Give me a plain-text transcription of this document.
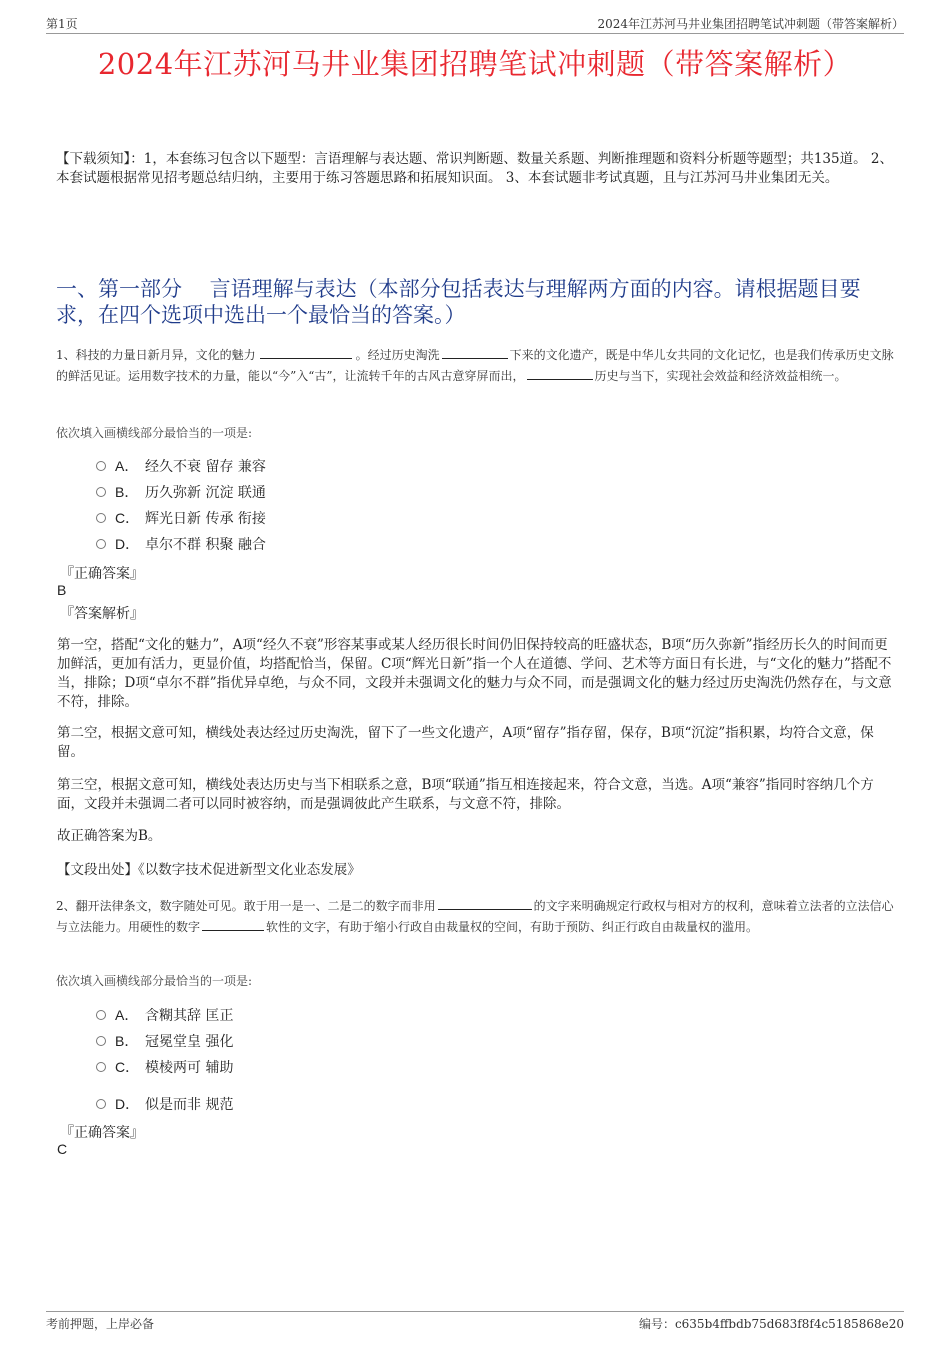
第1页	2024年江苏河马井业集团招聘笔试冲刺题（带答案解析）
2024年江苏河马井业集团招聘笔试冲刺题（带答案解析）
【下载须知】：1，本套练习包含以下题型：言语理解与表达题、常识判断题、数量关系题、判断推理题和资料分析题等题型；共135道。 2、本套试题根据常见招考题总结归纳，主要用于练习答题思路和拓展知识面。 3、本套试题非考试真题，且与江苏河马井业集团无关。
一、第一部分　 言语理解与表达（本部分包括表达与理解两方面的内容。请根据题目要求，在四个选项中选出一个最恰当的答案。）
1、科技的力量日新月异，文化的魅力	。经过历史淘洗	下来的文化遗产，既是中华儿女共同的文化记忆，也是我们传承历史文脉的鲜活见证。运用数字技术的力量，能以“今”入“古”，让流转千年的古风古意穿屏而出，	历史与当下，实现社会效益和经济效益相统一。
依次填入画横线部分最恰当的一项是:
A． 经久不衰 留存 兼容
B． 历久弥新 沉淀 联通
C． 辉光日新 传承 衔接
D． 卓尔不群 积聚 融合
『正确答案』
B
『答案解析』
第一空，搭配“文化的魅力”，A项“经久不衰”形容某事或某人经历很长时间仍旧保持较高的旺盛状态，B项“历久弥新”指经历长久的时间而更加鲜活，更加有活力，更显价值，均搭配恰当，保留。C项“辉光日新”指一个人在道德、学问、艺术等方面日有长进，与“文化的魅力”搭配不当，排除；D项“卓尔不群”指优异卓绝，与众不同，文段并未强调文化的魅力与众不同，而是强调文化的魅力经过历史淘洗仍然存在，与文意不符，排除。
第二空，根据文意可知，横线处表达经过历史淘洗，留下了一些文化遗产，A项“留存”指存留，保存，B项“沉淀”指积累，均符合文意，保留。
第三空，根据文意可知，横线处表达历史与当下相联系之意，B项“联通”指互相连接起来，符合文意，当选。A项“兼容”指同时容纳几个方面，文段并未强调二者可以同时被容纳，而是强调彼此产生联系，与文意不符，排除。
故正确答案为B。
【文段出处】《以数字技术促进新型文化业态发展》
2、翻开法律条文，数字随处可见。敢于用一是一、二是二的数字而非用	的文字来明确规定行政权与相对方的权利，意味着立法者的立法信心与立法能力。用硬性的数字	软性的文字，有助于缩小行政自由裁量权的空间，有助于预防、纠正行政自由裁量权的滥用。
依次填入画横线部分最恰当的一项是:
A． 含糊其辞 匡正
B． 冠冕堂皇 强化
C． 模棱两可 辅助
D． 似是而非 规范
『正确答案』
C
考前押题，上岸必备	编号：c635b4ffbdb75d683f8f4c5185868e20
